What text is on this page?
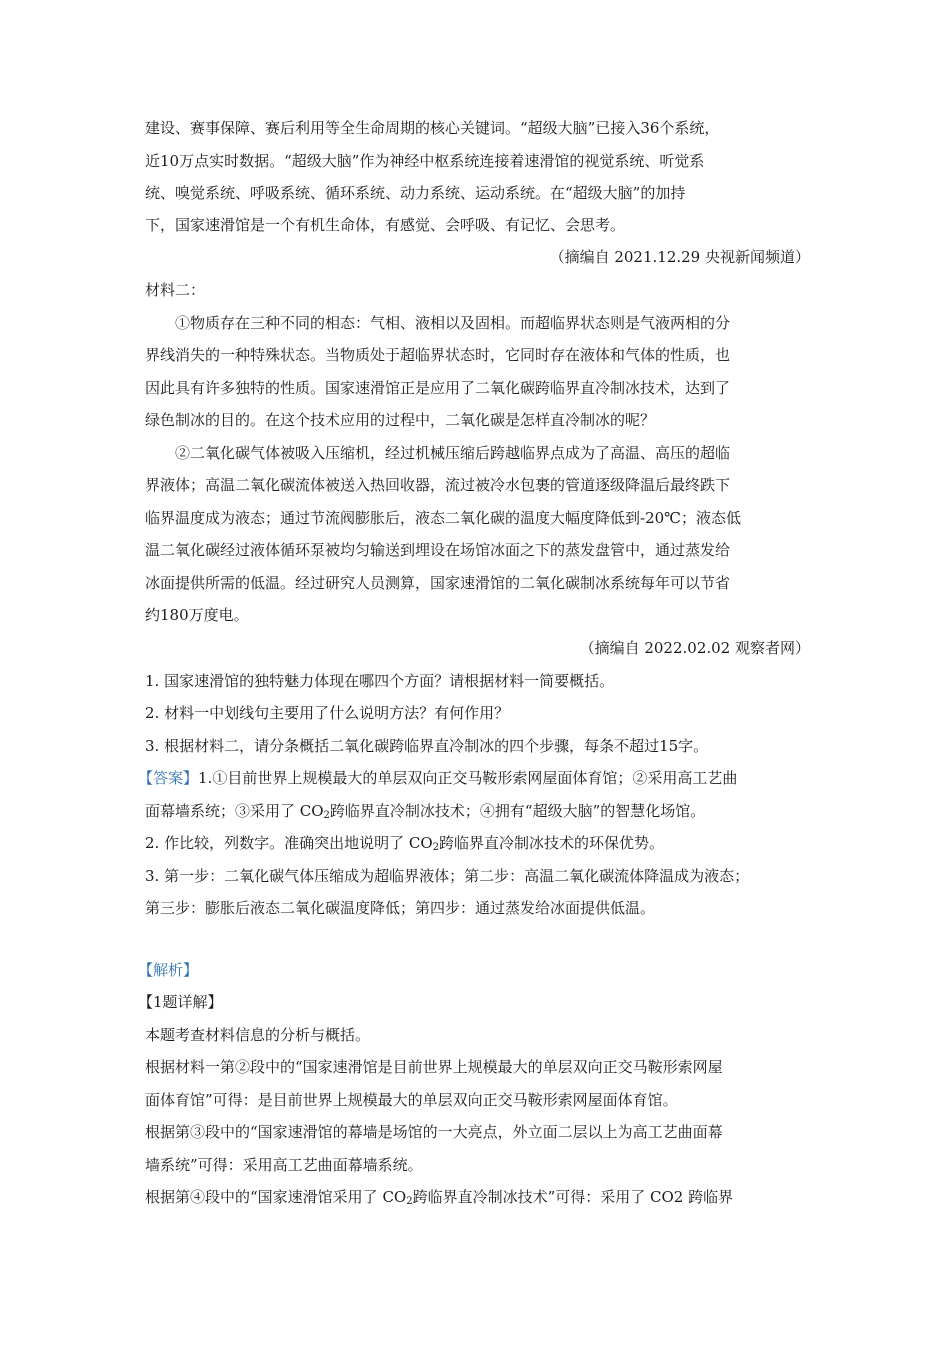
建设、赛事保障、赛后利用等全生命周期的核心关键词。“超级大脑”已接入36个系统，
近10万点实时数据。“超级大脑”作为神经中枢系统连接着速滑馆的视觉系统、听觉系
统、嗅觉系统、呼吸系统、循环系统、动力系统、运动系统。在“超级大脑”的加持
下，国家速滑馆是一个有机生命体，有感觉、会呼吸、有记忆、会思考。
（摘编自 2021.12.29 央视新闻频道）
材料二：
①物质存在三种不同的相态：气相、液相以及固相。而超临界状态则是气液两相的分
界线消失的一种特殊状态。当物质处于超临界状态时，它同时存在液体和气体的性质，也
因此具有许多独特的性质。国家速滑馆正是应用了二氧化碳跨临界直冷制冰技术，达到了
绿色制冰的目的。在这个技术应用的过程中，二氧化碳是怎样直冷制冰的呢？
②二氧化碳气体被吸入压缩机，经过机械压缩后跨越临界点成为了高温、高压的超临
界液体；高温二氧化碳流体被送入热回收器，流过被冷水包裹的管道逐级降温后最终跌下
临界温度成为液态；通过节流阀膨胀后，液态二氧化碳的温度大幅度降低到-20℃；液态低
温二氧化碳经过液体循环泵被均匀输送到埋设在场馆冰面之下的蒸发盘管中，通过蒸发给
冰面提供所需的低温。经过研究人员测算，国家速滑馆的二氧化碳制冰系统每年可以节省
约180万度电。
（摘编自 2022.02.02 观察者网）
1. 国家速滑馆的独特魅力体现在哪四个方面？请根据材料一简要概括。
2. 材料一中划线句主要用了什么说明方法？有何作用？
3. 根据材料二，请分条概括二氧化碳跨临界直冷制冰的四个步骤，每条不超过15字。
【答案】1.①目前世界上规模最大的单层双向正交马鞍形索网屋面体育馆；②采用高工艺曲
面幕墙系统；③采用了 $CO_2$跨临界直冷制冰技术；④拥有“超级大脑”的智慧化场馆。
2. 作比较，列数字。准确突出地说明了 $CO_2$跨临界直冷制冰技术的环保优势。
3. 第一步：二氧化碳气体压缩成为超临界液体；第二步：高温二氧化碳流体降温成为液态；
第三步：膨胀后液态二氧化碳温度降低；第四步：通过蒸发给冰面提供低温。
【解析】
【1题详解】
本题考查材料信息的分析与概括。
根据材料一第②段中的“国家速滑馆是目前世界上规模最大的单层双向正交马鞍形索网屋
面体育馆”可得：是目前世界上规模最大的单层双向正交马鞍形索网屋面体育馆。
根据第③段中的“国家速滑馆的幕墙是场馆的一大亮点，外立面二层以上为高工艺曲面幕
墙系统”可得：采用高工艺曲面幕墙系统。
根据第④段中的“国家速滑馆采用了 $CO_2$跨临界直冷制冰技术”可得：采用了 CO2 跨临界
